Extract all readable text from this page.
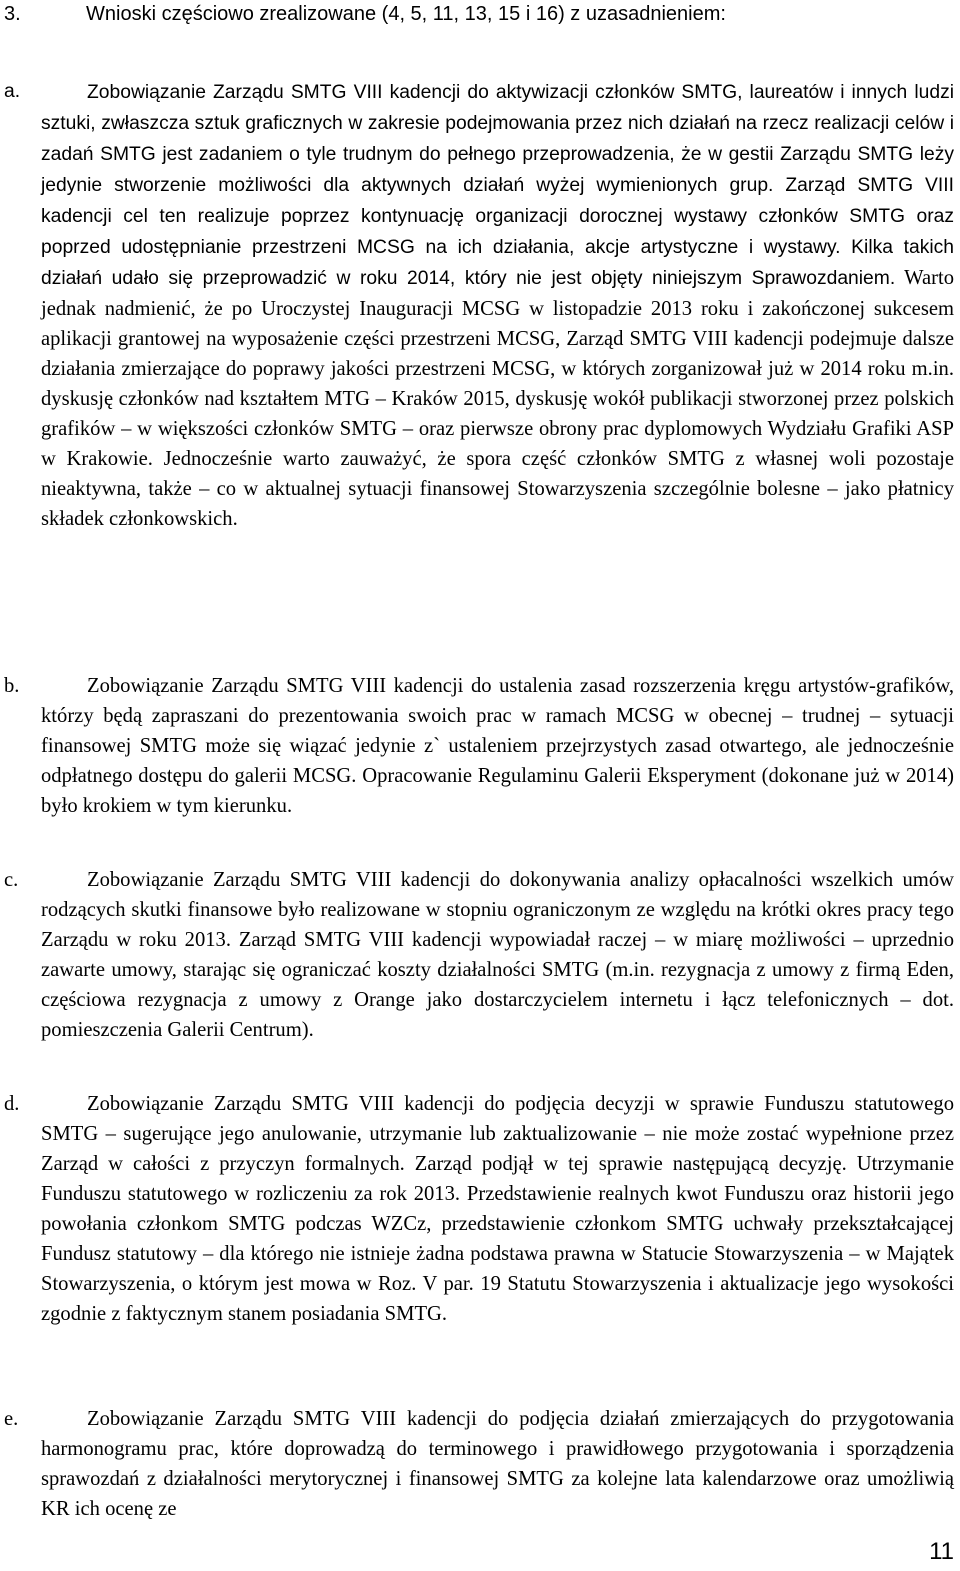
3.	Wnioski częściowo zrealizowane (4, 5, 11, 13, 15 i 16) z uzasadnieniem:
a.	Zobowiązanie Zarządu SMTG VIII kadencji do aktywizacji członków SMTG, laureatów i innych ludzi sztuki, zwłaszcza sztuk graficznych w zakresie podejmowania przez nich działań na rzecz realizacji celów i zadań SMTG jest zadaniem o tyle trudnym do pełnego przeprowadzenia, że w gestii Zarządu SMTG leży jedynie stworzenie możliwości dla aktywnych działań wyżej wymienionych grup. Zarząd SMTG VIII kadencji cel ten realizuje poprzez kontynuację organizacji dorocznej wystawy członków SMTG oraz poprzed udostępnianie przestrzeni MCSG na ich działania, akcje artystyczne i wystawy. Kilka takich działań udało się przeprowadzić w roku 2014, który nie jest objęty niniejszym Sprawozdaniem. Warto jednak nadmienić, że po Uroczystej Inauguracji MCSG w listopadzie 2013 roku i zakończonej sukcesem aplikacji grantowej na wyposażenie części przestrzeni MCSG, Zarząd SMTG VIII kadencji podejmuje dalsze działania zmierzające do poprawy jakości przestrzeni MCSG, w których zorganizował już w 2014 roku m.in. dyskusję członków nad kształtem MTG – Kraków 2015, dyskusję wokół publikacji stworzonej przez polskich grafików – w większości członków SMTG – oraz pierwsze obrony prac dyplomowych Wydziału Grafiki ASP w Krakowie. Jednocześnie warto zauważyć, że spora część członków SMTG z własnej woli pozostaje nieaktywna, także – co w aktualnej sytuacji finansowej Stowarzyszenia szczególnie bolesne – jako płatnicy składek członkowskich.
b.	Zobowiązanie Zarządu SMTG VIII kadencji do ustalenia zasad rozszerzenia kręgu artystów-grafików, którzy będą zapraszani do prezentowania swoich prac w ramach MCSG w obecnej – trudnej – sytuacji finansowej SMTG może się wiązać jedynie z` ustaleniem przejrzystych zasad otwartego, ale jednocześnie odpłatnego dostępu do galerii MCSG. Opracowanie Regulaminu Galerii Eksperyment (dokonane już w 2014) było krokiem w tym kierunku.
c.	Zobowiązanie Zarządu SMTG VIII kadencji do dokonywania analizy opłacalności wszelkich umów rodzących skutki finansowe było realizowane w stopniu ograniczonym ze względu na krótki okres pracy tego Zarządu w roku 2013. Zarząd SMTG VIII kadencji wypowiadał raczej – w miarę możliwości – uprzednio zawarte umowy, starając się ograniczać koszty działalności SMTG (m.in. rezygnacja z umowy z firmą Eden, częściowa rezygnacja z umowy z Orange jako dostarczycielem internetu i łącz telefonicznych – dot. pomieszczenia Galerii Centrum).
d.	Zobowiązanie Zarządu SMTG VIII kadencji do podjęcia decyzji w sprawie Funduszu statutowego SMTG – sugerujące jego anulowanie, utrzymanie lub zaktualizowanie – nie może zostać wypełnione przez Zarząd w całości z przyczyn formalnych. Zarząd podjął w tej sprawie następującą decyzję. Utrzymanie Funduszu statutowego w rozliczeniu za rok 2013. Przedstawienie realnych kwot Funduszu oraz historii jego powołania członkom SMTG podczas WZCz, przedstawienie członkom SMTG uchwały przekształcającej Fundusz statutowy – dla którego nie istnieje żadna podstawa prawna w Statucie Stowarzyszenia – w Majątek Stowarzyszenia, o którym jest mowa w Roz. V par. 19 Statutu Stowarzyszenia i aktualizacje jego wysokości zgodnie z faktycznym stanem posiadania SMTG.
e.	Zobowiązanie Zarządu SMTG VIII kadencji do podjęcia działań zmierzających do przygotowania harmonogramu prac, które doprowadzą do terminowego i prawidłowego przygotowania i sporządzenia sprawozdań z działalności merytorycznej i finansowej SMTG za kolejne lata kalendarzowe oraz umożliwią KR ich ocenę ze
11
